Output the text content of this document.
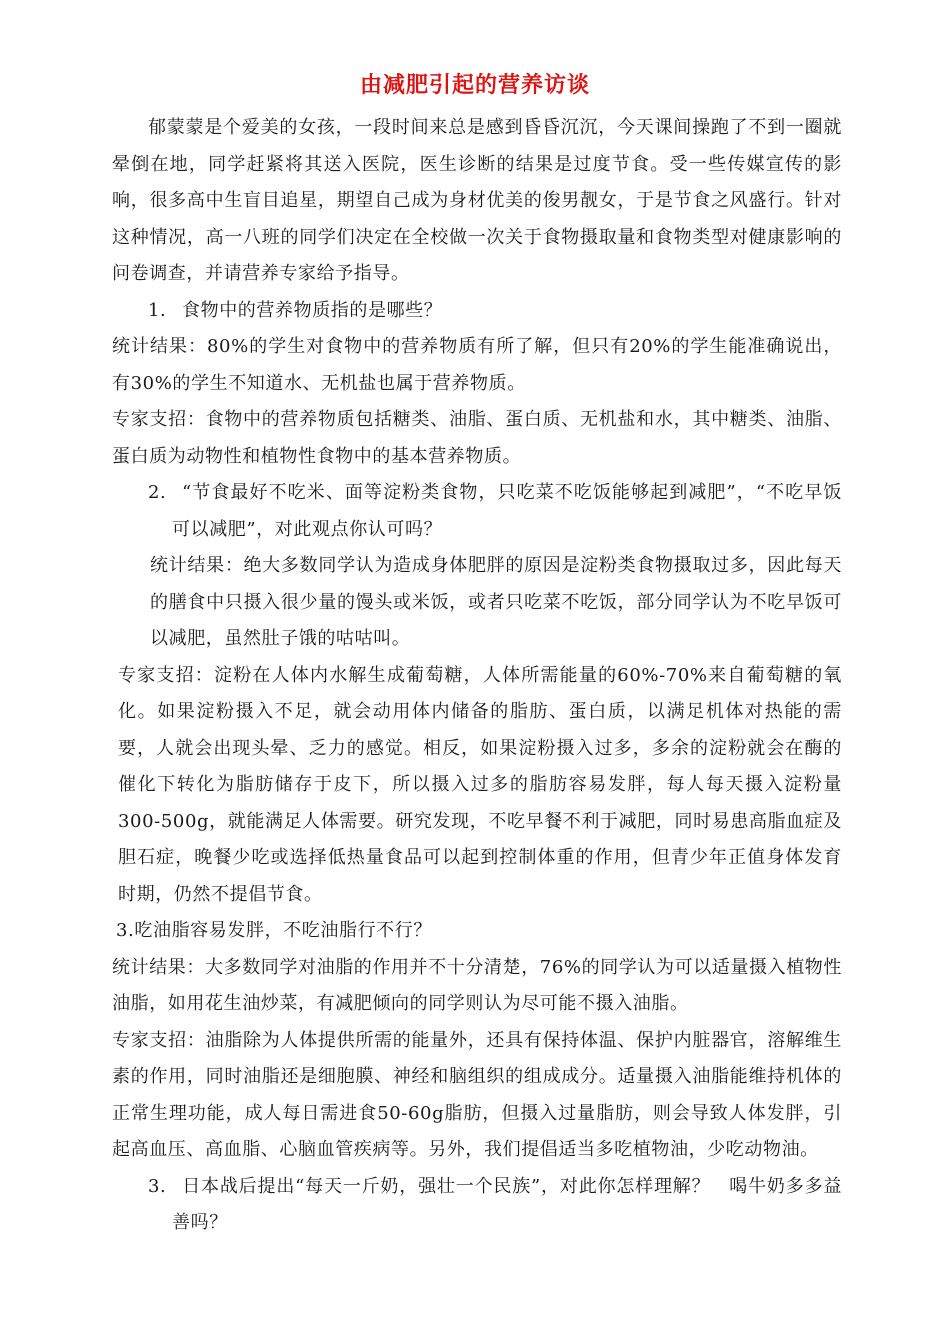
由减肥引起的营养访谈

郁蒙蒙是个爱美的女孩，一段时间来总是感到昏昏沉沉，今天课间操跑了不到一圈就晕倒在地，同学赶紧将其送入医院，医生诊断的结果是过度节食。受一些传媒宣传的影响，很多高中生盲目追星，期望自己成为身材优美的俊男靓女，于是节食之风盛行。针对这种情况，高一八班的同学们决定在全校做一次关于食物摄取量和食物类型对健康影响的问卷调查，并请营养专家给予指导。

1. 食物中的营养物质指的是哪些？

统计结果：80%的学生对食物中的营养物质有所了解，但只有20%的学生能准确说出，有30%的学生不知道水、无机盐也属于营养物质。

专家支招：食物中的营养物质包括糖类、油脂、蛋白质、无机盐和水，其中糖类、油脂、蛋白质为动物性和植物性食物中的基本营养物质。

2. “节食最好不吃米、面等淀粉类食物，只吃菜不吃饭能够起到减肥”，“不吃早饭可以减肥”，对此观点你认可吗？

统计结果：绝大多数同学认为造成身体肥胖的原因是淀粉类食物摄取过多，因此每天的膳食中只摄入很少量的馒头或米饭，或者只吃菜不吃饭，部分同学认为不吃早饭可以减肥，虽然肚子饿的咕咕叫。

专家支招：淀粉在人体内水解生成葡萄糖，人体所需能量的60%-70%来自葡萄糖的氧化。如果淀粉摄入不足，就会动用体内储备的脂肪、蛋白质，以满足机体对热能的需要，人就会出现头晕、乏力的感觉。相反，如果淀粉摄入过多，多余的淀粉就会在酶的催化下转化为脂肪储存于皮下，所以摄入过多的脂肪容易发胖，每人每天摄入淀粉量300-500g，就能满足人体需要。研究发现，不吃早餐不利于减肥，同时易患高脂血症及胆石症，晚餐少吃或选择低热量食品可以起到控制体重的作用，但青少年正值身体发育时期，仍然不提倡节食。

3.吃油脂容易发胖，不吃油脂行不行？

统计结果：大多数同学对油脂的作用并不十分清楚，76%的同学认为可以适量摄入植物性油脂，如用花生油炒菜，有减肥倾向的同学则认为尽可能不摄入油脂。

专家支招：油脂除为人体提供所需的能量外，还具有保持体温、保护内脏器官，溶解维生素的作用，同时油脂还是细胞膜、神经和脑组织的组成成分。适量摄入油脂能维持机体的正常生理功能，成人每日需进食50-60g脂肪，但摄入过量脂肪，则会导致人体发胖，引起高血压、高血脂、心脑血管疾病等。另外，我们提倡适当多吃植物油，少吃动物油。

3. 日本战后提出“每天一斤奶，强壮一个民族”，对此你怎样理解？　喝牛奶多多益善吗？
